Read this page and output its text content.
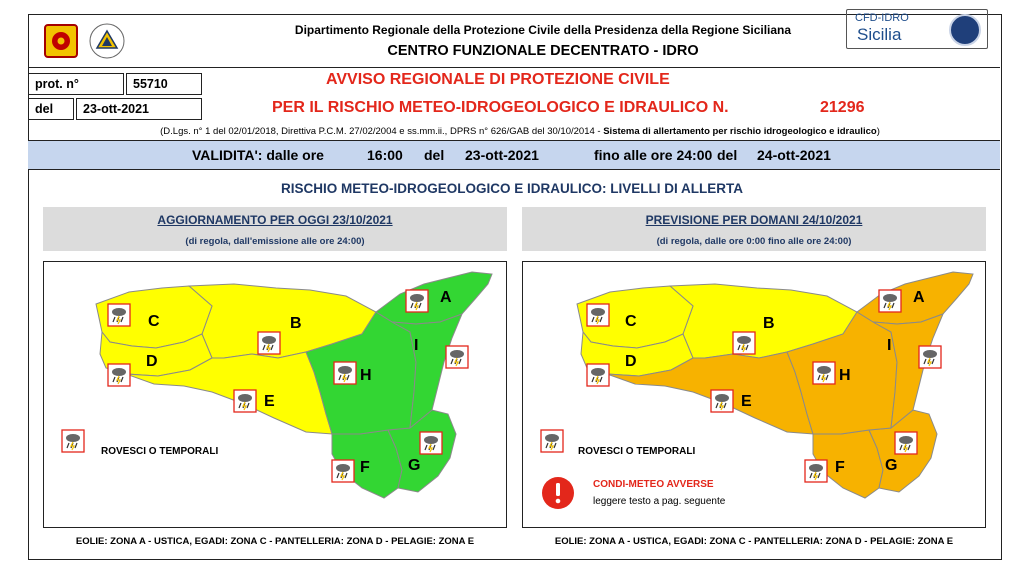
Dipartimento Regionale della Protezione Civile della Presidenza della Regione Siciliana
CENTRO FUNZIONALE DECENTRATO - IDRO
CFD-IDRO
Sicilia
prot. n°	55710
del	23-ott-2021
AVVISO REGIONALE DI PROTEZIONE CIVILE
PER IL RISCHIO METEO-IDROGEOLOGICO E IDRAULICO N.	21296
(D.Lgs. n° 1 del 02/01/2018, Direttiva P.C.M. 27/02/2004 e ss.mm.ii., DPRS n° 626/GAB del 30/10/2014 - Sistema di allertamento per rischio idrogeologico e idraulico)
VALIDITA': dalle ore	16:00 del 23-ott-2021	fino alle ore 24:00 del 24-ott-2021
RISCHIO METEO-IDROGEOLOGICO E IDRAULICO: LIVELLI DI ALLERTA
AGGIORNAMENTO PER OGGI 23/10/2021
(di regola, dall'emissione alle ore 24:00)
A
B
C
D
E
F G
H
I
ROVESCI O TEMPORALI
EOLIE: ZONA A - USTICA, EGADI: ZONA C - PANTELLERIA: ZONA D - PELAGIE: ZONA E
PREVISIONE PER DOMANI 24/10/2021
(di regola, dalle ore 0:00 fino alle ore 24:00)
A
B
C
D
E
F	G
H
I
ROVESCI O TEMPORALI
CONDI-METEO AVVERSE
leggere testo a pag. seguente
EOLIE: ZONA A - USTICA, EGADI: ZONA C - PANTELLERIA: ZONA D - PELAGIE: ZONA E
